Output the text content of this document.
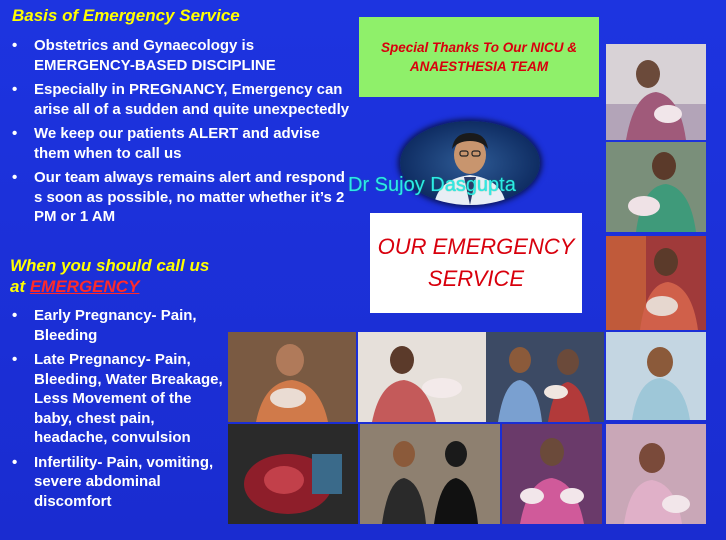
Basis of Emergency Service
• Obstetrics and Gynaecology is EMERGENCY-BASED DISCIPLINE
• Especially in PREGNANCY, Emergency can arise all of a sudden and quite unexpectedly
• We keep our patients ALERT and advise them when to call us
• Our team always remains alert and respond s soon as possible, no matter whether it’s 2 PM or 1 AM
When you should call us
at EMERGENCY
• Early Pregnancy- Pain, Bleeding
• Late Pregnancy- Pain, Bleeding, Water Breakage, Less Movement of the baby, chest pain, headache, convulsion
• Infertility- Pain, vomiting, severe abdominal discomfort
Special Thanks To Our NICU & ANAESTHESIA TEAM
Dr Sujoy Dasgupta
OUR EMERGENCY SERVICE
